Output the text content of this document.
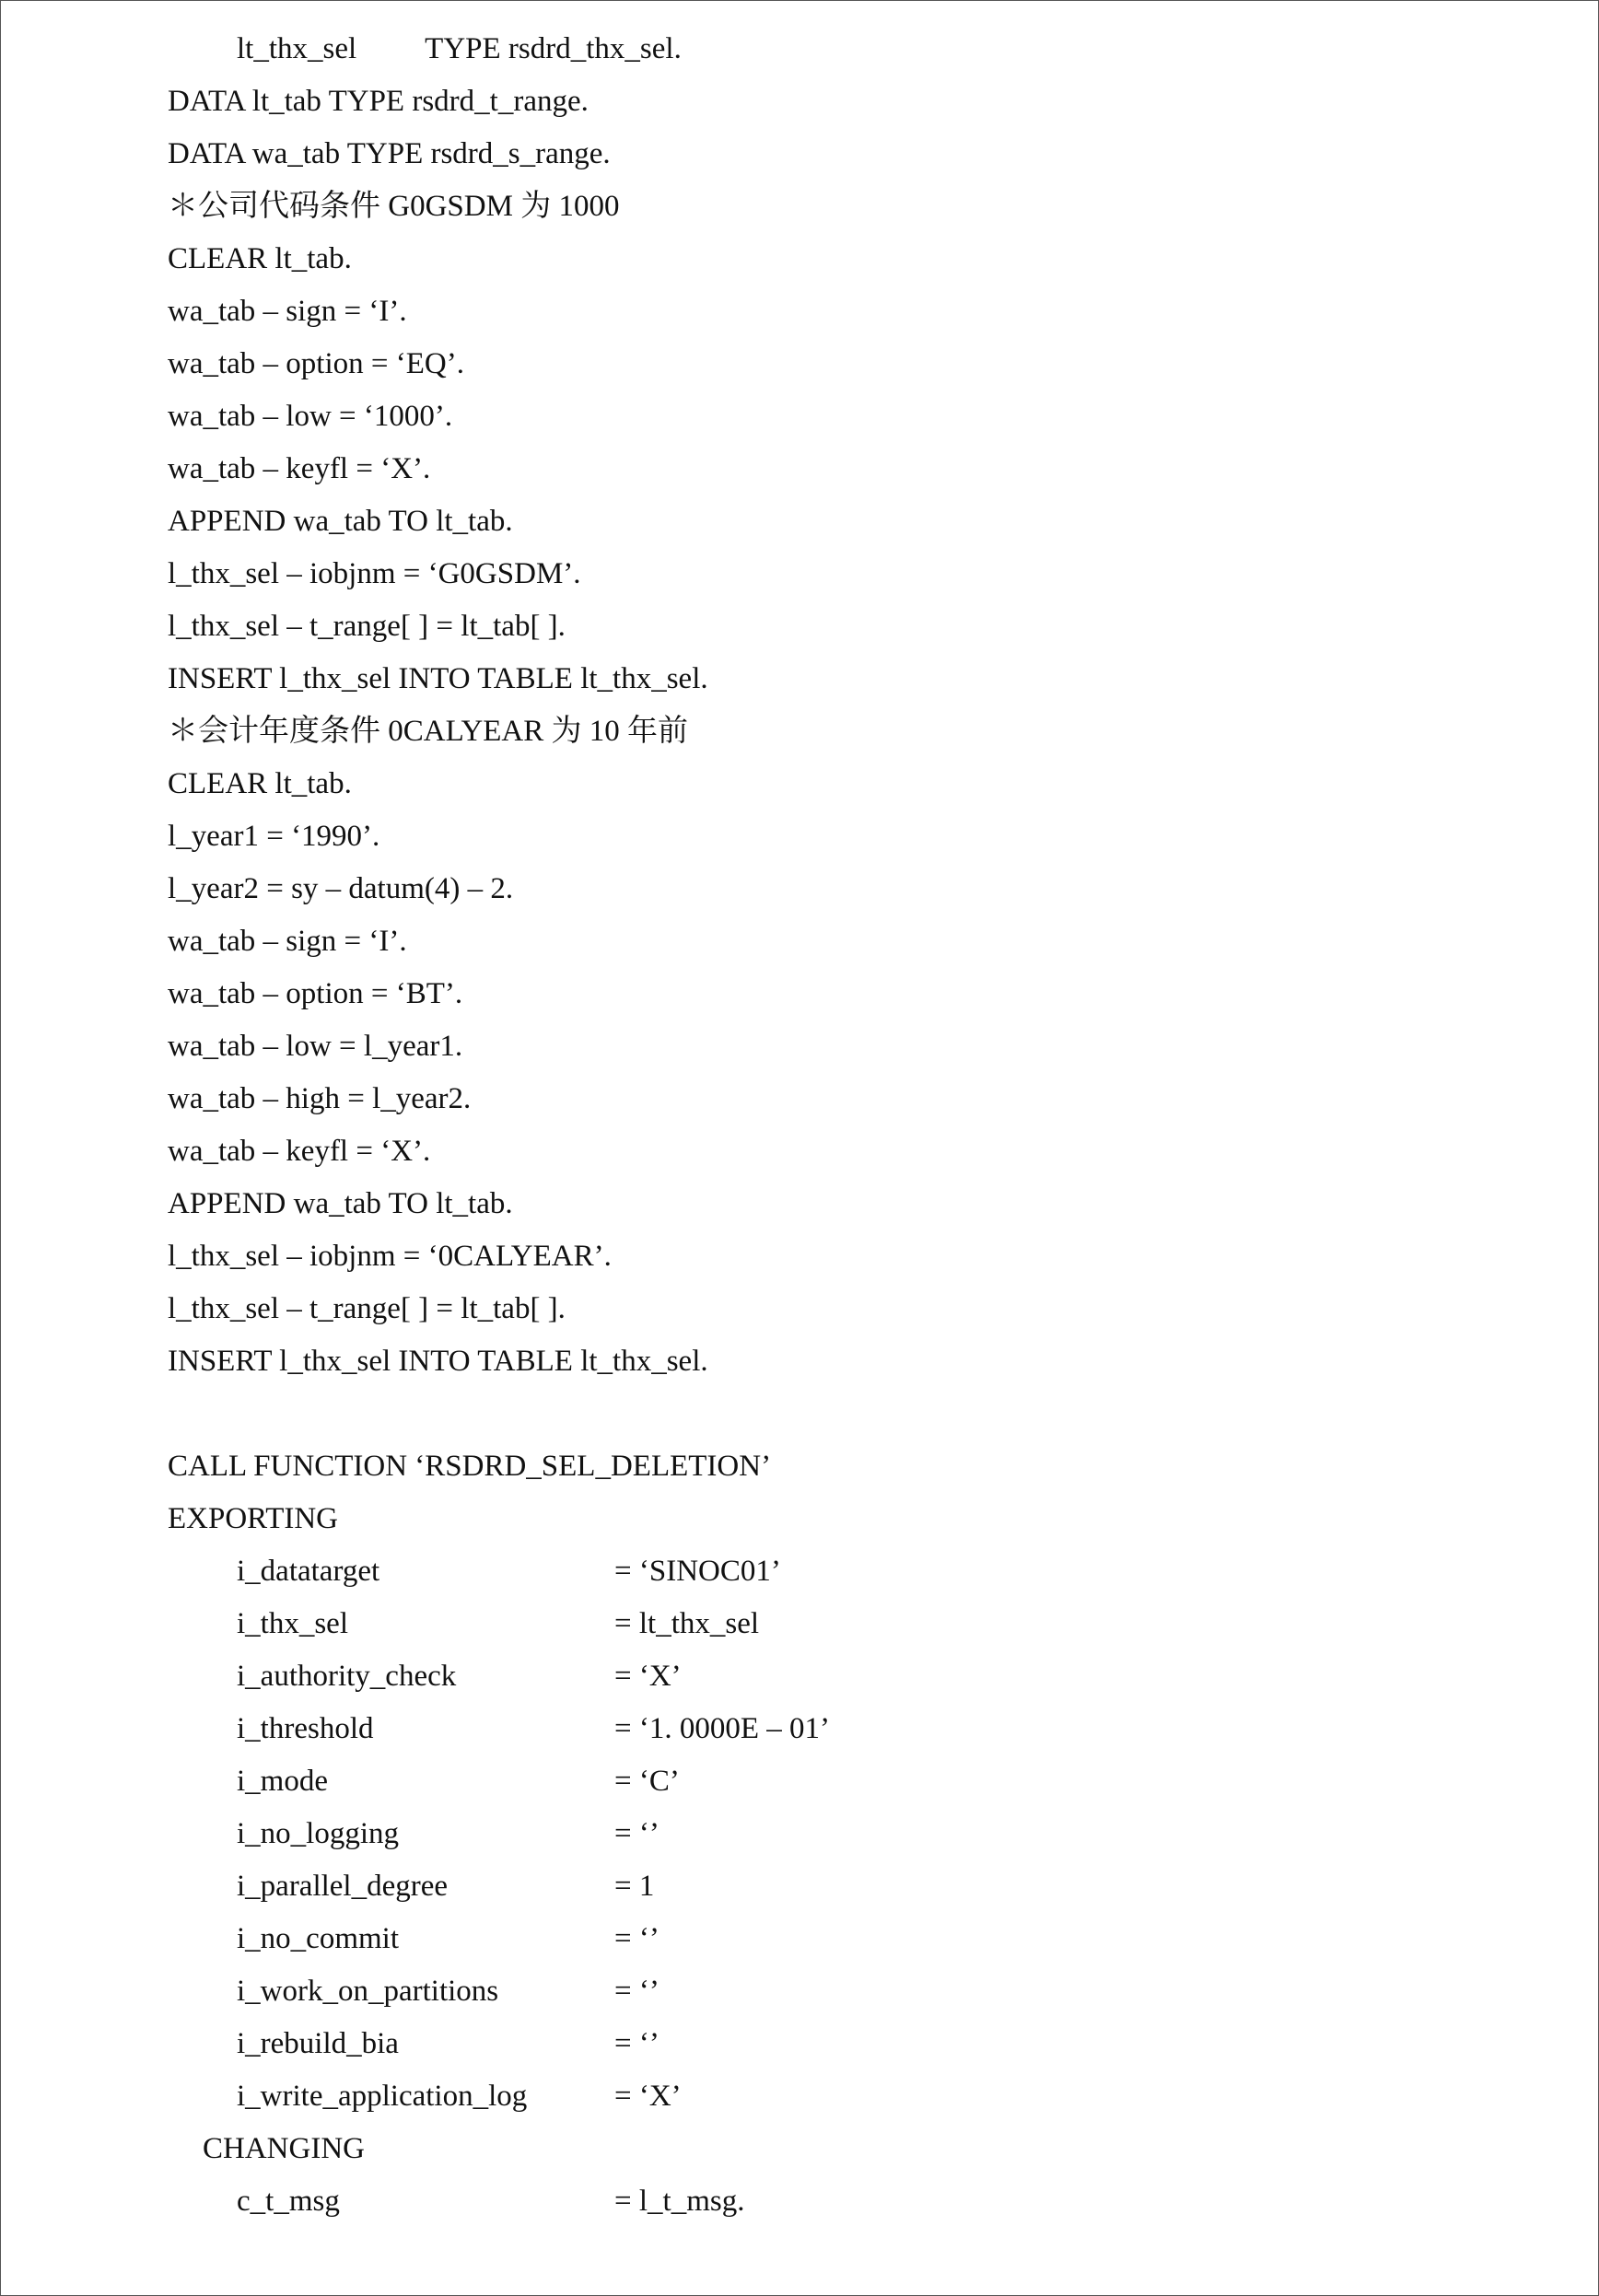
lt_thx_sel TYPE rsdrd_thx_sel.
DATA lt_tab TYPE rsdrd_t_range.
DATA wa_tab TYPE rsdrd_s_range.
＊公司代码条件 G0GSDM 为 1000
CLEAR lt_tab.
wa_tab – sign = ‘I’.
wa_tab – option = ‘EQ’.
wa_tab – low = ‘1000’.
wa_tab – keyfl = ‘X’.
APPEND wa_tab TO lt_tab.
l_thx_sel – iobjnm = ‘G0GSDM’.
l_thx_sel – t_range[ ] = lt_tab[ ].
INSERT l_thx_sel INTO TABLE lt_thx_sel.
＊会计年度条件 0CALYEAR 为 10 年前
CLEAR lt_tab.
l_year1 = ‘1990’.
l_year2 = sy – datum(4) – 2.
wa_tab – sign = ‘I’.
wa_tab – option = ‘BT’.
wa_tab – low = l_year1.
wa_tab – high = l_year2.
wa_tab – keyfl = ‘X’.
APPEND wa_tab TO lt_tab.
l_thx_sel – iobjnm = ‘0CALYEAR’.
l_thx_sel – t_range[ ] = lt_tab[ ].
INSERT l_thx_sel INTO TABLE lt_thx_sel.
CALL FUNCTION ‘RSDRD_SEL_DELETION’
EXPORTING
i_datatarget	= ‘SINOC01’
i_thx_sel	= lt_thx_sel
i_authority_check	= ‘X’
i_threshold	= ‘1. 0000E – 01’
i_mode	= ‘C’
i_no_logging	= ‘’
i_parallel_degree	= 1
i_no_commit	= ‘’
i_work_on_partitions	= ‘’
i_rebuild_bia	= ‘’
i_write_application_log	= ‘X’
CHANGING
c_t_msg	= l_t_msg.
